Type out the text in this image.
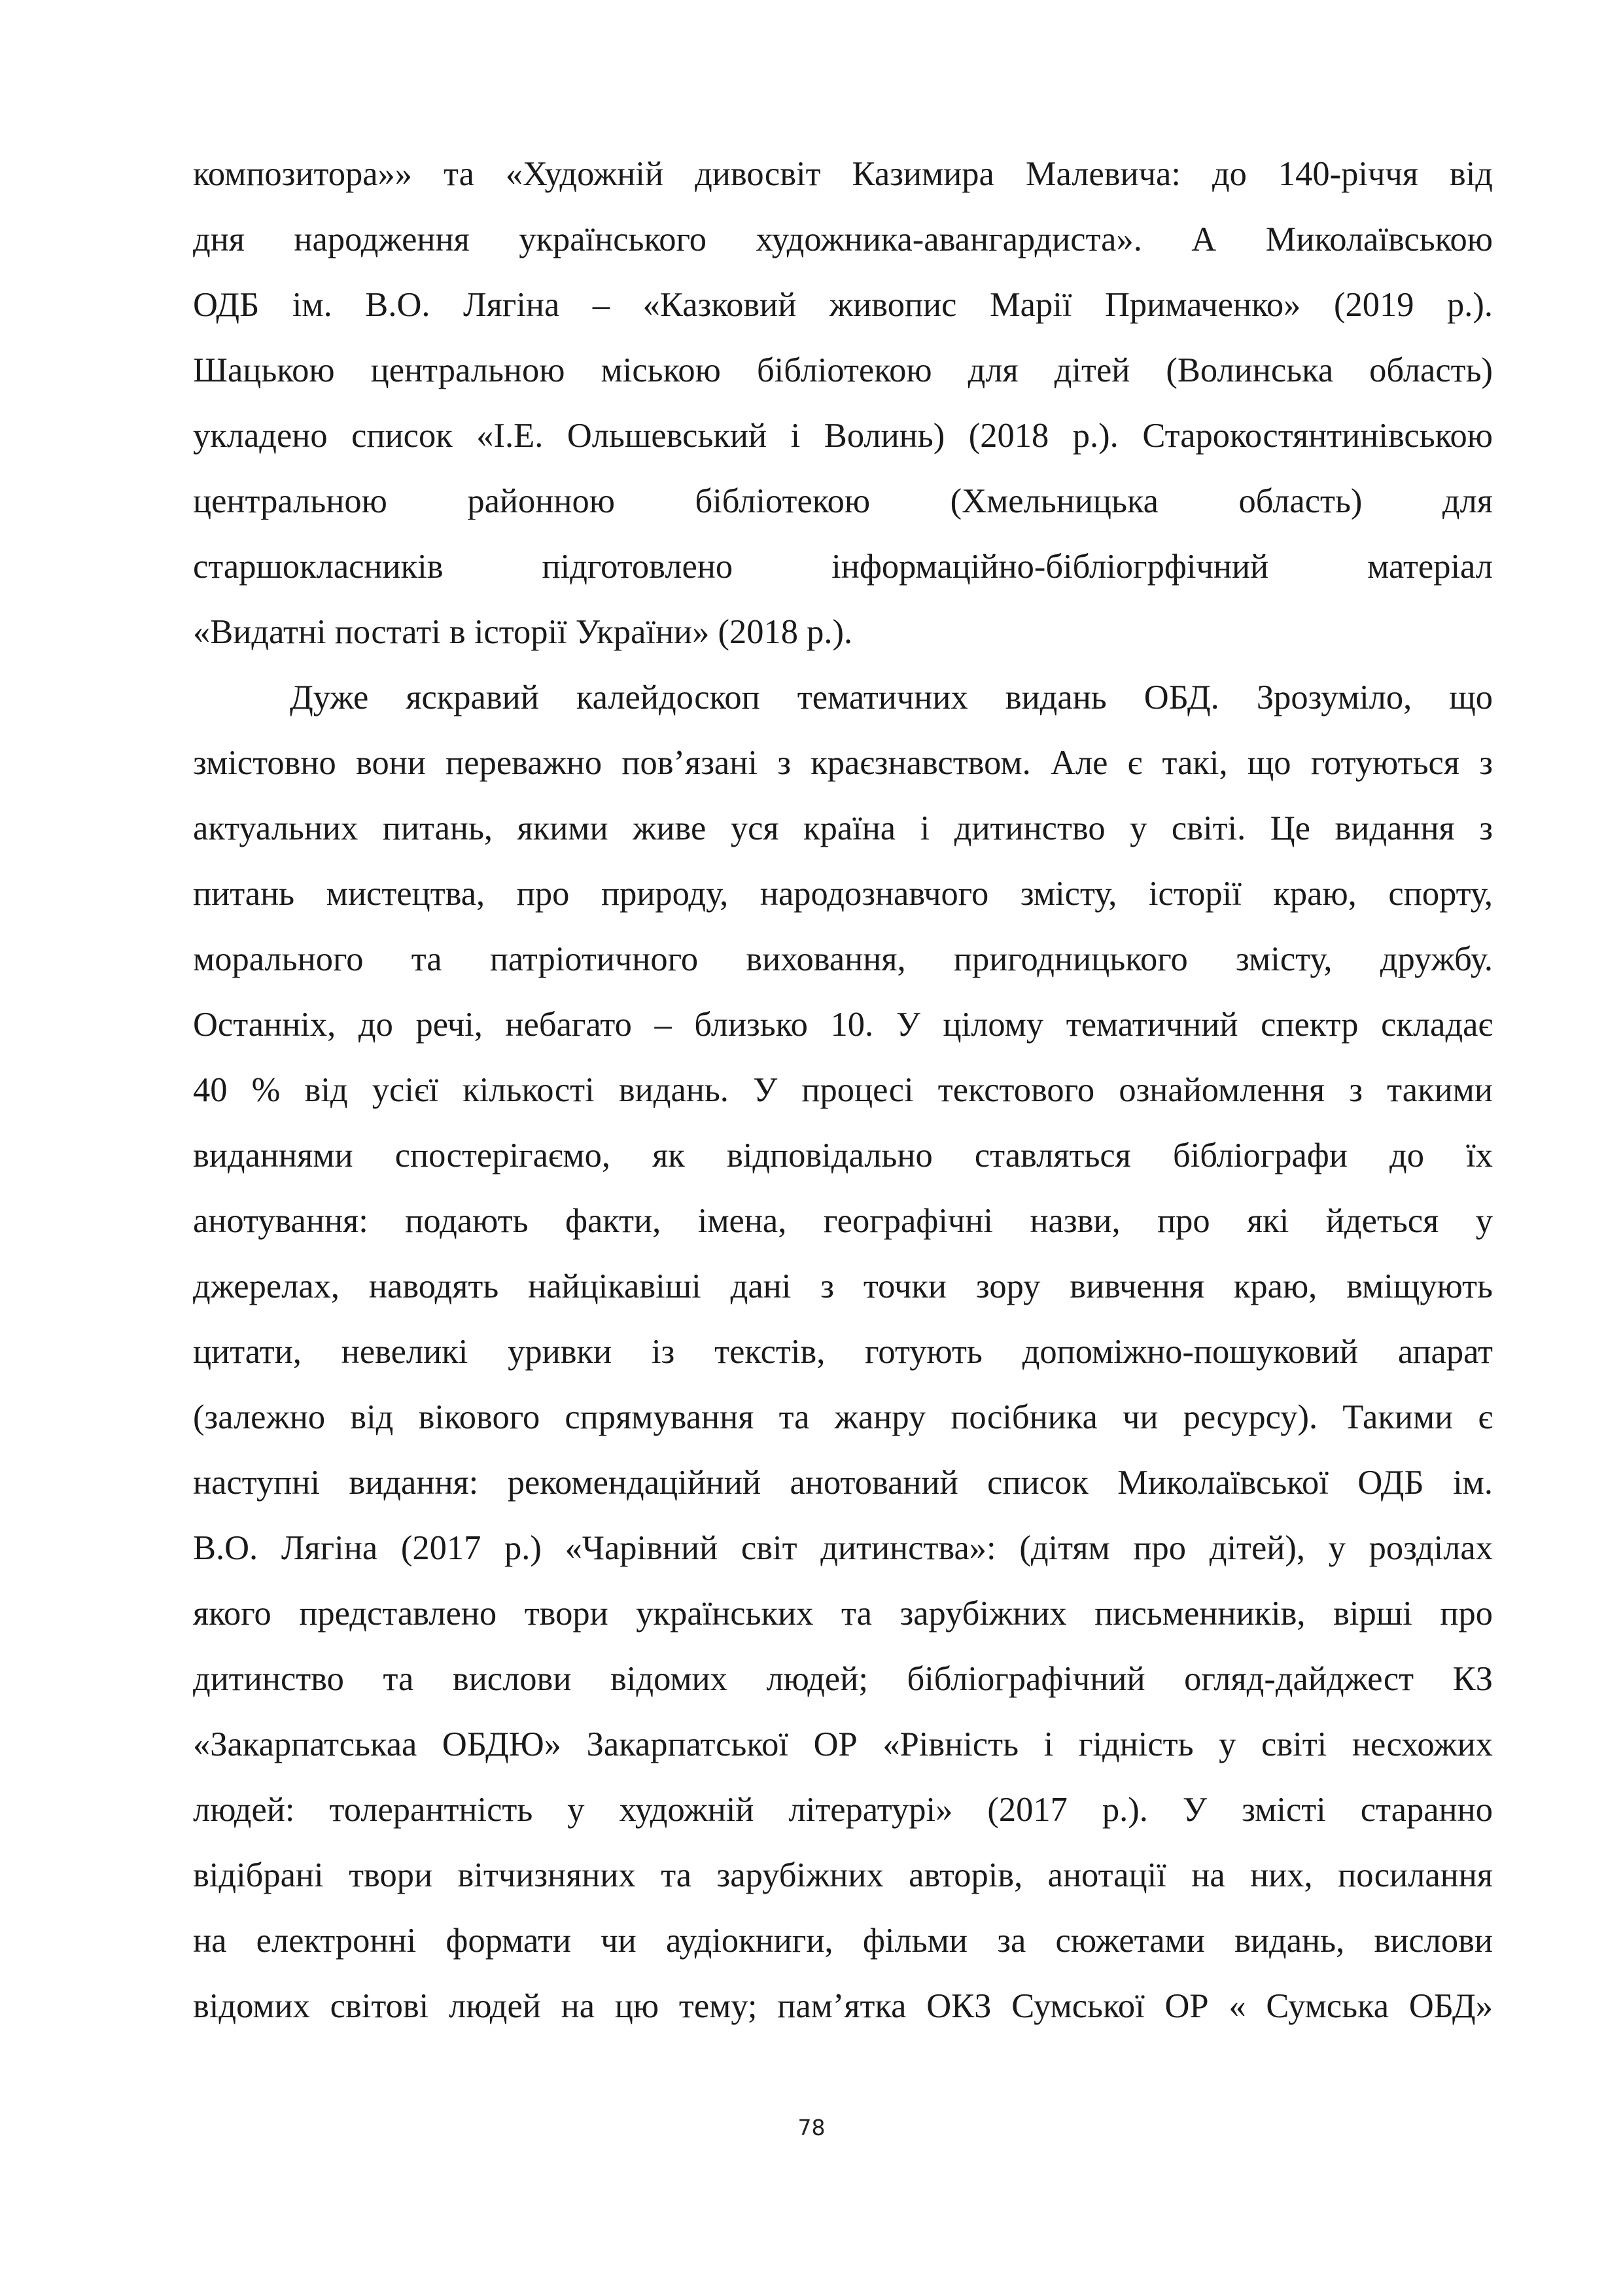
композитора»» та «Художній дивосвіт Казимира Малевича: до 140-річчя від
дня народження українського художника-авангардиста». А Миколаївською
ОДБ ім. В.О. Лягіна – «Казковий живопис Марії Примаченко» (2019 р.).
Шацькою центральною міською бібліотекою для дітей (Волинська область)
укладено список «І.Е. Ольшевський і Волинь) (2018 р.). Старокостянтинівською
центральною районною бібліотекою (Хмельницька область) для
старшокласників підготовлено інформаційно-бібліогрфічний матеріал
«Видатні постаті в історії України» (2018 р.).
Дуже яскравий калейдоскоп тематичних видань ОБД. Зрозуміло, що
змістовно вони переважно пов’язані з краєзнавством. Але є такі, що готуються з
актуальних питань, якими живе уся країна і дитинство у світі. Це видання з
питань мистецтва, про природу, народознавчого змісту, історії краю, спорту,
морального та патріотичного виховання, пригодницького змісту, дружбу.
Останніх, до речі, небагато – близько 10. У цілому тематичний спектр складає
40 % від усієї кількості видань. У процесі текстового ознайомлення з такими
виданнями спостерігаємо, як відповідально ставляться бібліографи до їх
анотування: подають факти, імена, географічні назви, про які йдеться у
джерелах, наводять найцікавіші дані з точки зору вивчення краю, вміщують
цитати, невеликі уривки із текстів, готують допоміжно-пошуковий апарат
(залежно від вікового спрямування та жанру посібника чи ресурсу). Такими є
наступні видання: рекомендаційний анотований список Миколаївської ОДБ ім.
В.О. Лягіна (2017 р.) «Чарівний світ дитинства»: (дітям про дітей), у розділах
якого представлено твори українських та зарубіжних письменників, вірші про
дитинство та вислови відомих людей; бібліографічний огляд-дайджест КЗ
«Закарпатськаа ОБДЮ» Закарпатської ОР «Рівність і гідність у світі несхожих
людей: толерантність у художній літературі» (2017 р.). У змісті старанно
відібрані твори вітчизняних та зарубіжних авторів, анотації на них, посилання
на електронні формати чи аудіокниги, фільми за сюжетами видань, вислови
відомих світові людей на цю тему; пам’ятка ОКЗ Сумської ОР « Сумська ОБД»
78
